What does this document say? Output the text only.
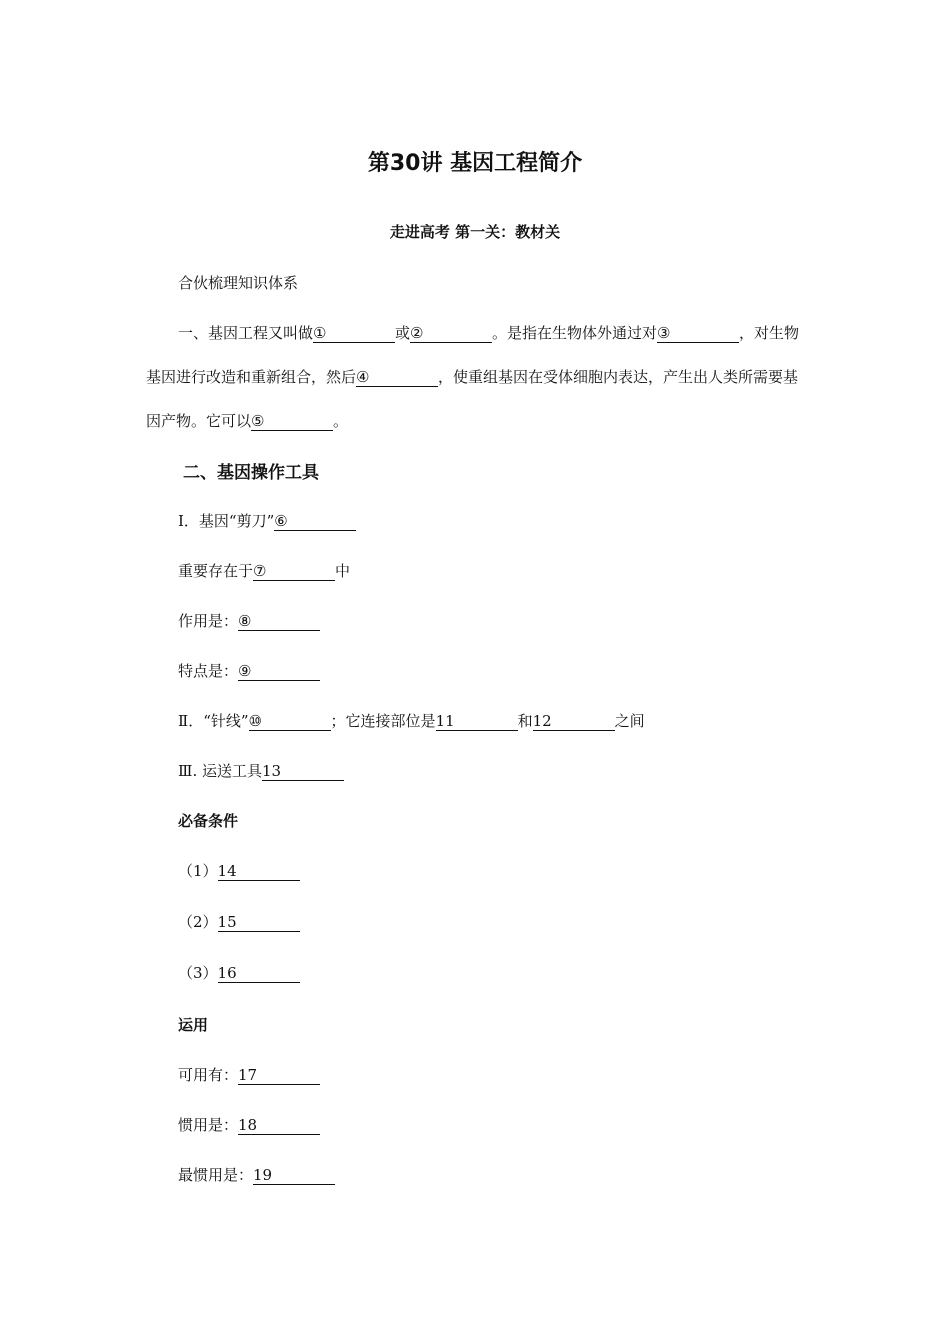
第30讲 基因工程简介
走进高考 第一关：教材关
合伙梳理知识体系
一、基因工程又叫做①	或②	。是指在生物体外通过对③	，对生物基因进行改造和重新组合，然后④	，使重组基因在受体细胞内表达，产生出人类所需要基因产物。它可以⑤	。
二、基因操作工具
Ⅰ．基因“剪刀”⑥
重要存在于⑦	中
作用是：⑧
特点是：⑨
Ⅱ．“针线”⑩	；它连接部位是11	和12	之间
Ⅲ. 运送工具13
必备条件
（1）14
（2）15
（3）16
运用
可用有：17
惯用是：18
最惯用是：19
